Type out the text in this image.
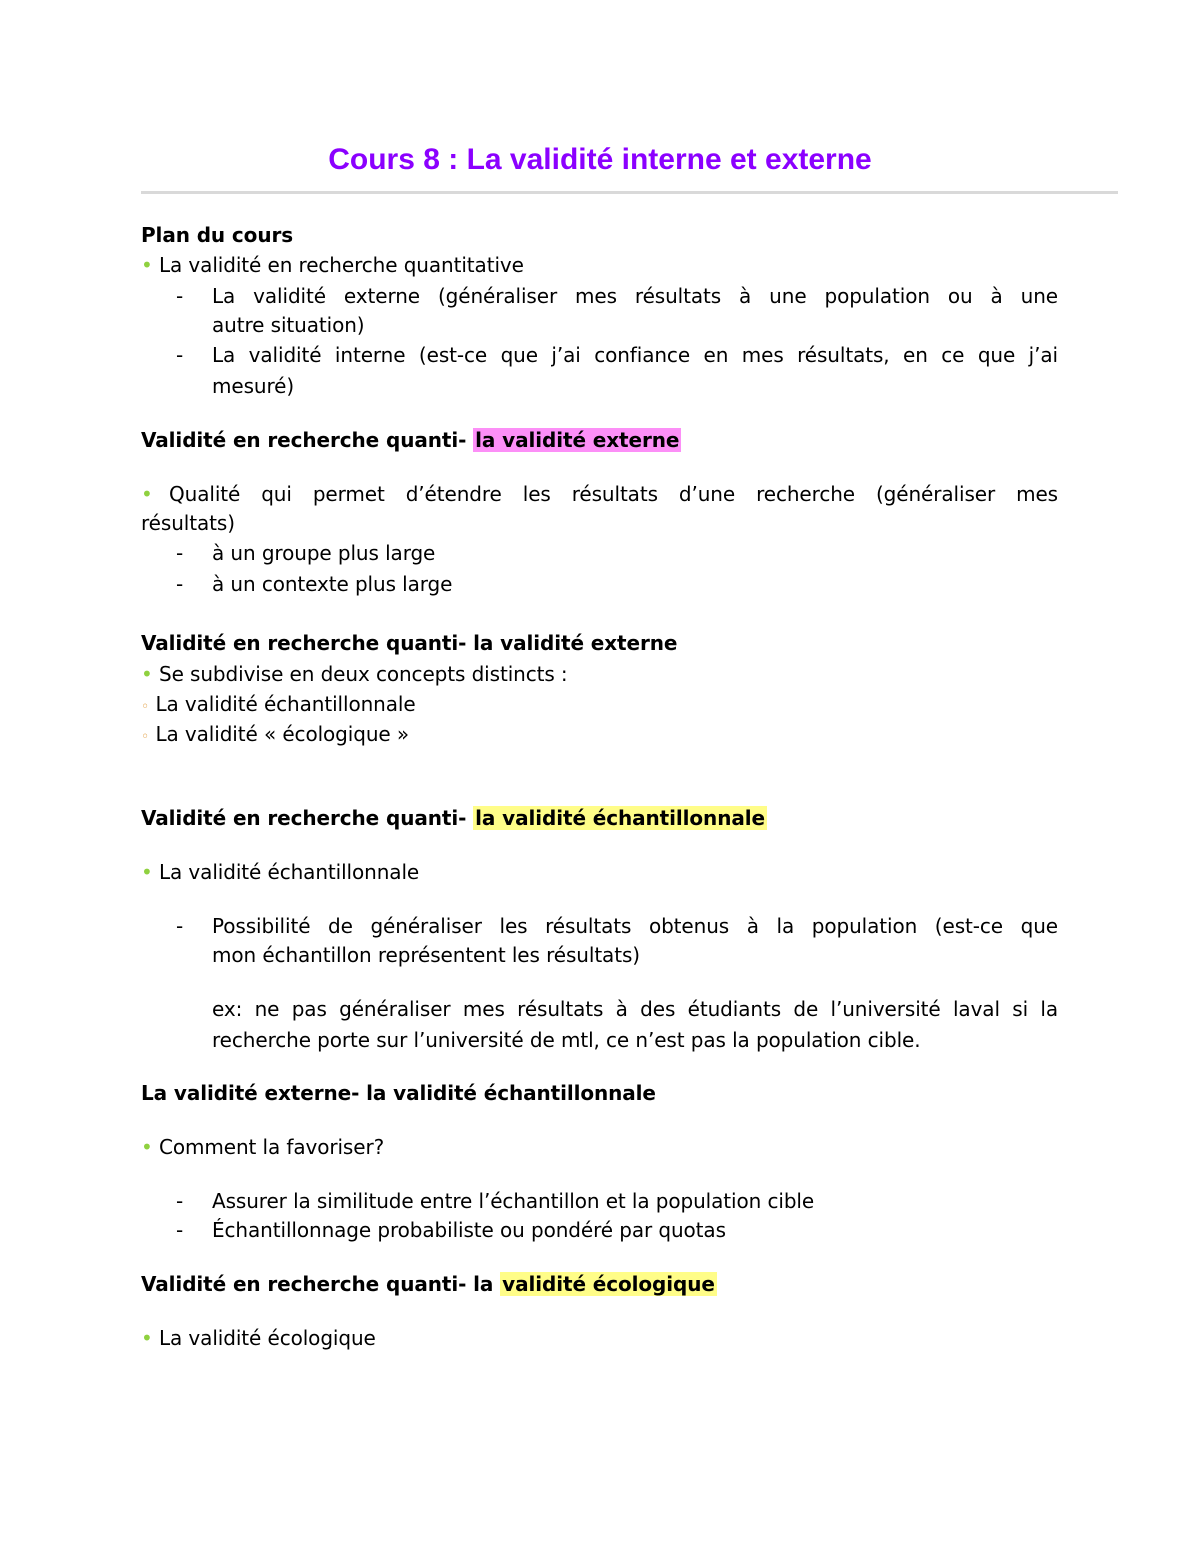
Cours 8 : La validité interne et externe
Plan du cours
• La validité en recherche quantitative
- La validité externe (généraliser mes résultats à une population ou à une
autre situation)
- La validité interne (est-ce que j’ai confiance en mes résultats, en ce que j’ai
mesuré)
Validité en recherche quanti- la validité externe
• Qualité qui permet d’étendre les résultats d’une recherche (généraliser mes
résultats)
- à un groupe plus large
- à un contexte plus large
Validité en recherche quanti- la validité externe
• Se subdivise en deux concepts distincts :
◦ La validité échantillonnale
◦ La validité « écologique »
Validité en recherche quanti- la validité échantillonnale
• La validité échantillonnale
- Possibilité de généraliser les résultats obtenus à la population (est-ce que
mon échantillon représentent les résultats)
ex: ne pas généraliser mes résultats à des étudiants de l’université laval si la
recherche porte sur l’université de mtl, ce n’est pas la population cible.
La validité externe- la validité échantillonnale
• Comment la favoriser?
- Assurer la similitude entre l’échantillon et la population cible
- Échantillonnage probabiliste ou pondéré par quotas
Validité en recherche quanti- la validité écologique
• La validité écologique
